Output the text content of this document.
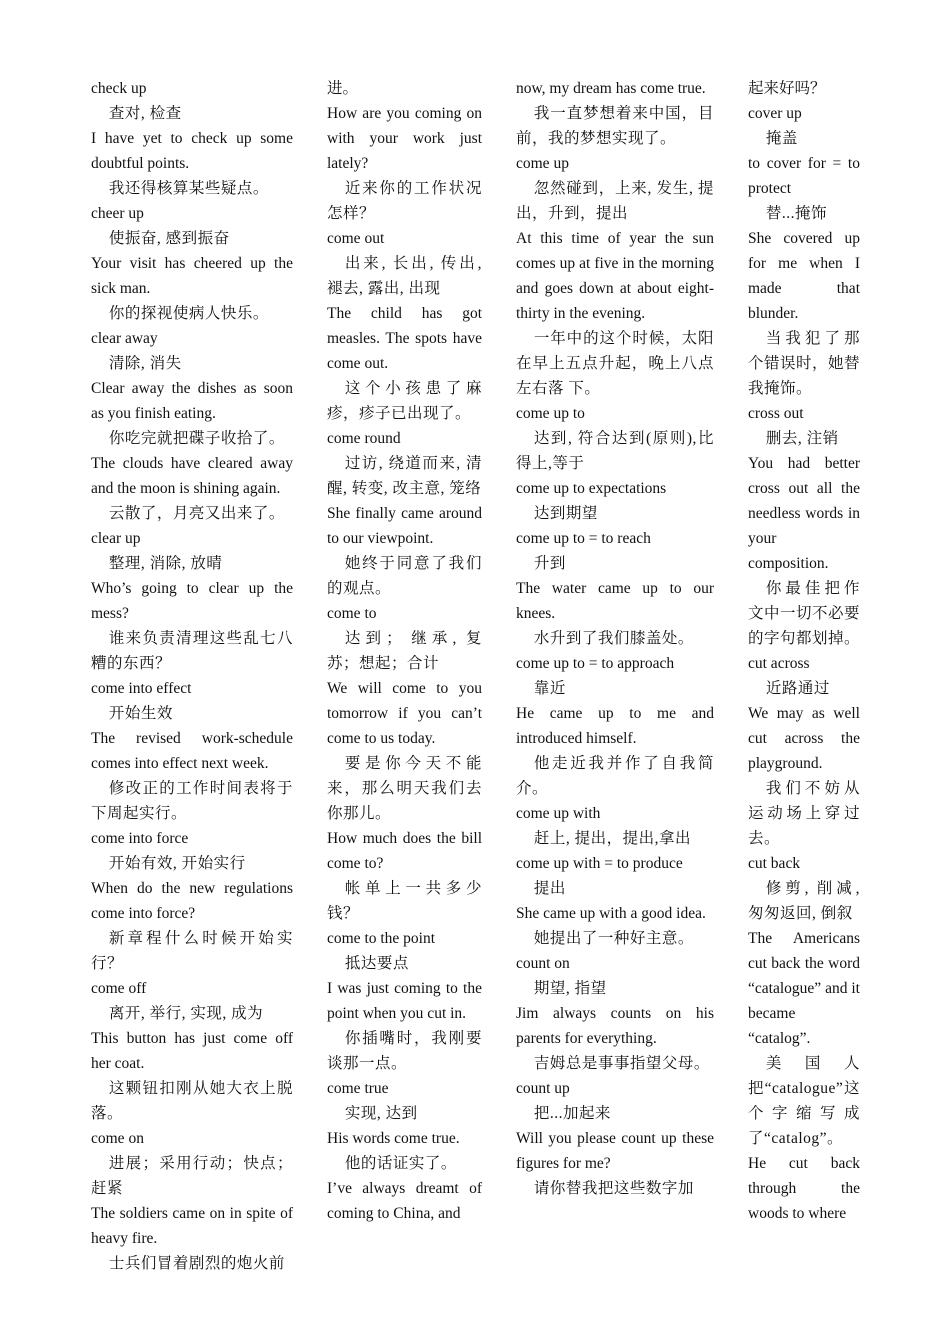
check up
查对, 检查
I have yet to check up some doubtful points.
我还得核算某些疑点。
cheer up
使振奋, 感到振奋
Your visit has cheered up the sick man.
你的探视使病人快乐。
clear away
清除, 消失
Clear away the dishes as soon as you finish eating.
你吃完就把碟子收拾了。
The clouds have cleared away and the moon is shining again.
云散了，月亮又出来了。
clear up
整理, 消除, 放晴
Who’s going to clear up the mess?
谁来负责清理这些乱七八糟的东西？
come into effect
开始生效
The revised work-schedule comes into effect next week.
修改正的工作时间表将于下周起实行。
come into force
开始有效, 开始实行
When do the new regulations come into force?
新章程什么时候开始实行？
come off
离开, 举行, 实现, 成为
This button has just come off her coat.
这颗钮扣刚从她大衣上脱落。
come on
进展；采用行动；快点；赶紧
The soldiers came on in spite of heavy fire.
士兵们冒着剧烈的炮火前
进。
How are you coming on with your work just lately?
近来你的工作状况怎样？
come out
出来, 长出, 传出, 褪去, 露出, 出现
The child has got measles. The spots have come out.
这个小孩患了麻疹，疹子已出现了。
come round
过访, 绕道而来, 清醒, 转变, 改主意, 笼络
She finally came around to our viewpoint.
她终于同意了我们的观点。
come to
达到； 继承, 复苏；想起；合计
We will come to you tomorrow if you can’t come to us today.
要是你今天不能来，那么明天我们去你那儿。
How much does the bill come to?
帐单上一共多少钱？
come to the point
抵达要点
I was just coming to the point when you cut in.
你插嘴时，我刚要谈那一点。
come true
实现, 达到
His words come true.
他的话证实了。
I’ve always dreamt of coming to China, and
now, my dream has come true.
我一直梦想着来中国，目前，我的梦想实现了。
come up
忽然碰到，上来, 发生, 提出，升到，提出
At this time of year the sun comes up at five in the morning and goes down at about eight-thirty in the evening.
一年中的这个时候，太阳在早上五点升起，晚上八点左右落 下。
come up to
达到, 符合达到(原则),比得上,等于
come up to expectations
达到期望
come up to = to reach
升到
The water came up to our knees.
水升到了我们膝盖处。
come up to = to approach
靠近
He came up to me and introduced himself.
他走近我并作了自我简介。
come up with
赶上, 提出，提出,拿出
come up with = to produce
提出
She came up with a good idea.
她提出了一种好主意。
count on
期望, 指望
Jim always counts on his parents for everything.
吉姆总是事事指望父母。
count up
把...加起来
Will you please count up these figures for me?
请你替我把这些数字加
起来好吗？
cover up
掩盖
to cover for = to protect
替...掩饰
She covered up for me when I made that blunder.
当我犯了那个错误时，她替我掩饰。
cross out
删去, 注销
You had better cross out all the needless words in your composition.
你最佳把作文中一切不必要的字句都划掉。
cut across
近路通过
We may as well cut across the playground.
我们不妨从运动场上穿过去。
cut back
修剪, 削减, 匆匆返回, 倒叙
The Americans cut back the word “catalogue” and it became “catalog”.
美国人把“catalogue”这个字缩写成了“catalog”。
He cut back through the woods to where
